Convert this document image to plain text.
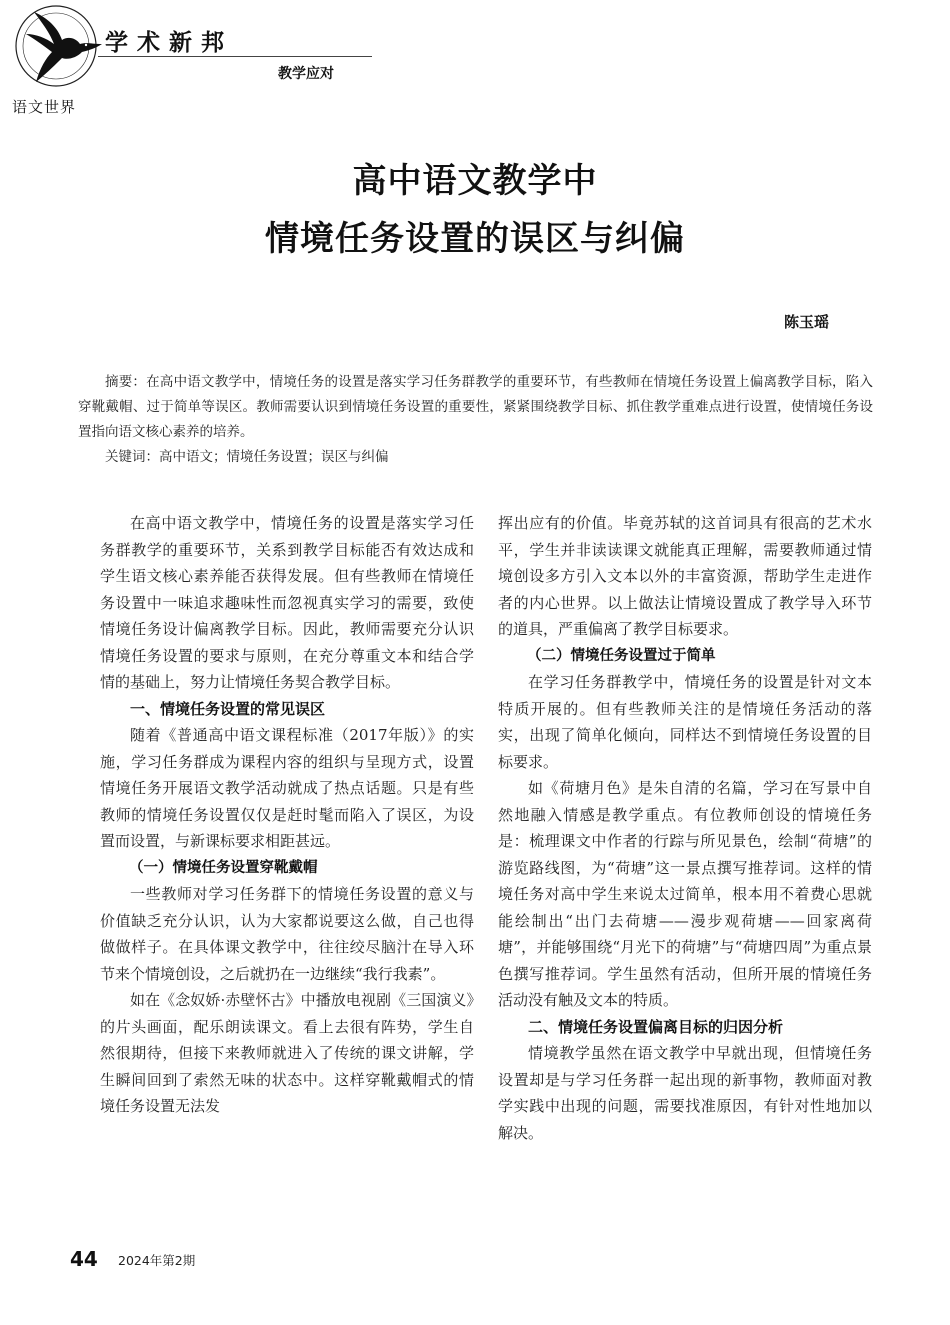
语文世界
学术新邦
教学应对
高中语文教学中
情境任务设置的误区与纠偏
陈玉瑶

摘要：在高中语文教学中，情境任务的设置是落实学习任务群教学的重要环节，有些教师在情境任务设置上偏离教学目标，陷入穿靴戴帽、过于简单等误区。教师需要认识到情境任务设置的重要性，紧紧围绕教学目标、抓住教学重难点进行设置，使情境任务设置指向语文核心素养的培养。

关键词：高中语文；情境任务设置；误区与纠偏

在高中语文教学中，情境任务的设置是落实学习任务群教学的重要环节，关系到教学目标能否有效达成和学生语文核心素养能否获得发展。但有些教师在情境任务设置中一味追求趣味性而忽视真实学习的需要，致使情境任务设计偏离教学目标。因此，教师需要充分认识情境任务设置的要求与原则，在充分尊重文本和结合学情的基础上，努力让情境任务契合教学目标。

一、情境任务设置的常见误区

随着《普通高中语文课程标准（2017年版）》的实施，学习任务群成为课程内容的组织与呈现方式，设置情境任务开展语文教学活动就成了热点话题。只是有些教师的情境任务设置仅仅是赶时髦而陷入了误区，为设置而设置，与新课标要求相距甚远。

（一）情境任务设置穿靴戴帽

一些教师对学习任务群下的情境任务设置的意义与价值缺乏充分认识，认为大家都说要这么做，自己也得做做样子。在具体课文教学中，往往绞尽脑汁在导入环节来个情境创设，之后就扔在一边继续“我行我素”。

如在《念奴娇·赤壁怀古》中播放电视剧《三国演义》的片头画面，配乐朗读课文。看上去很有阵势，学生自然很期待，但接下来教师就进入了传统的课文讲解，学生瞬间回到了索然无味的状态中。这样穿靴戴帽式的情境任务设置无法发

挥出应有的价值。毕竟苏轼的这首词具有很高的艺术水平，学生并非读读课文就能真正理解，需要教师通过情境创设多方引入文本以外的丰富资源，帮助学生走进作者的内心世界。以上做法让情境设置成了教学导入环节的道具，严重偏离了教学目标要求。

（二）情境任务设置过于简单

在学习任务群教学中，情境任务的设置是针对文本特质开展的。但有些教师关注的是情境任务活动的落实，出现了简单化倾向，同样达不到情境任务设置的目标要求。

如《荷塘月色》是朱自清的名篇，学习在写景中自然地融入情感是教学重点。有位教师创设的情境任务是：梳理课文中作者的行踪与所见景色，绘制“荷塘”的游览路线图，为“荷塘”这一景点撰写推荐词。这样的情境任务对高中学生来说太过简单，根本用不着费心思就能绘制出“出门去荷塘——漫步观荷塘——回家离荷塘”，并能够围绕“月光下的荷塘”与“荷塘四周”为重点景色撰写推荐词。学生虽然有活动，但所开展的情境任务活动没有触及文本的特质。

二、情境任务设置偏离目标的归因分析

情境教学虽然在语文教学中早就出现，但情境任务设置却是与学习任务群一起出现的新事物，教师面对教学实践中出现的问题，需要找准原因，有针对性地加以解决。

44 2024年第2期
